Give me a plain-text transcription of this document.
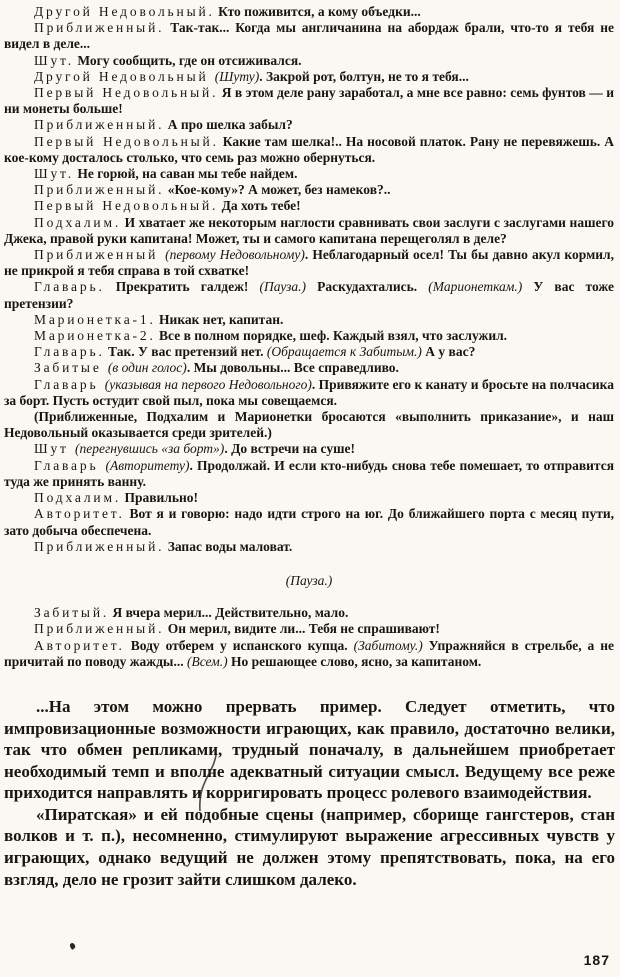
Другой Недовольный. Кто поживится, а кому объедки...

Приближенный. Так-так... Когда мы англичанина на абордаж брали, что-то я тебя не видел в деле...

Шут. Могу сообщить, где он отсиживался.

Другой Недовольный (Шуту). Закрой рот, болтун, не то я тебя...

Первый Недовольный. Я в этом деле рану заработал, а мне все равно: семь фунтов — и ни монеты больше!

Приближенный. А про шелка забыл?

Первый Недовольный. Какие там шелка!.. На носовой платок. Рану не перевяжешь. А кое-кому досталось столько, что семь раз можно обернуться.

Шут. Не горюй, на саван мы тебе найдем.

Приближенный. «Кое-кому»? А может, без намеков?..

Первый Недовольный. Да хоть тебе!

Подхалим. И хватает же некоторым наглости сравнивать свои заслуги с заслугами нашего Джека, правой руки капитана! Может, ты и самого капитана перещеголял в деле?

Приближенный (первому Недовольному). Неблагодарный осел! Ты бы давно акул кормил, не прикрой я тебя справа в той схватке!

Главарь. Прекратить галдеж! (Пауза.) Раскудахтались. (Марионеткам.) У вас тоже претензии?

Марионетка-1. Никак нет, капитан.

Марионетка-2. Все в полном порядке, шеф. Каждый взял, что заслужил.

Главарь. Так. У вас претензий нет. (Обращается к Забитым.) А у вас?

Забитые (в один голос). Мы довольны... Все справедливо.

Главарь (указывая на первого Недовольного). Привяжите его к канату и бросьте на полчасика за борт. Пусть остудит свой пыл, пока мы совещаемся.

(Приближенные, Подхалим и Марионетки бросаются «выполнить приказание», и наш Недовольный оказывается среди зрителей.)

Шут (перегнувшись «за борт»). До встречи на суше!

Главарь (Авторитету). Продолжай. И если кто-нибудь снова тебе помешает, то отправится туда же принять ванну.

Подхалим. Правильно!

Авторитет. Вот я и говорю: надо идти строго на юг. До ближайшего порта с месяц пути, зато добыча обеспечена.

Приближенный. Запас воды маловат.

(Пауза.)

Забитый. Я вчера мерил... Действительно, мало.

Приближенный. Он мерил, видите ли... Тебя не спрашивают!

Авторитет. Воду отберем у испанского купца. (Забитому.) Упражняйся в стрельбе, а не причитай по поводу жажды... (Всем.) Но решающее слово, ясно, за капитаном.

...На этом можно прервать пример. Следует отметить, что импровизационные возможности играющих, как правило, достаточно велики, так что обмен репликами, трудный поначалу, в дальнейшем приобретает необходимый темп и вполне адекватный ситуации смысл. Ведущему все реже приходится направлять и корригировать процесс ролевого взаимодействия.

«Пиратская» и ей подобные сцены (например, сборище гангстеров, стан волков и т. п.), несомненно, стимулируют выражение агрессивных чувств у играющих, однако ведущий не должен этому препятствовать, пока, на его взгляд, дело не грозит зайти слишком далеко.

187
